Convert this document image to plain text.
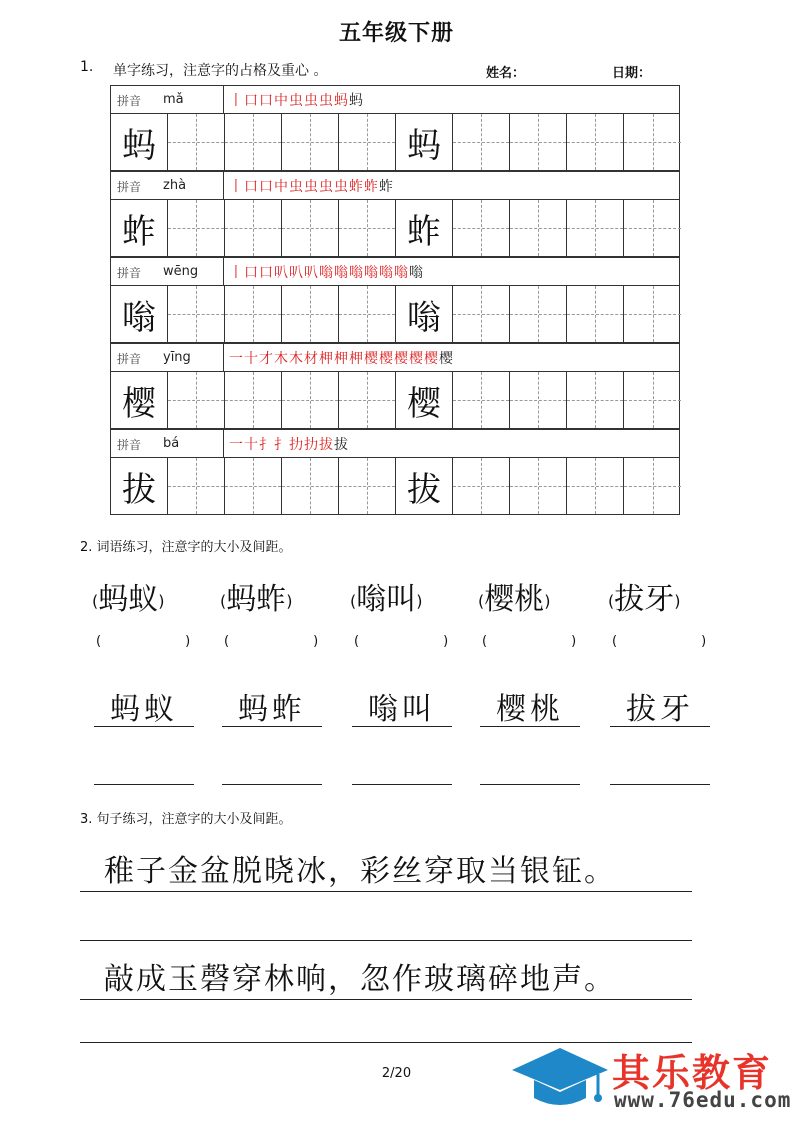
五年级下册
1. 单字练习，注意字的占格及重心 。	姓名：	日期：
拼音 mǎ	丨口口中虫虫虫蚂蚂
蚂	蚂
拼音 zhà	丨口口中虫虫虫虫蚱蚱蚱
蚱	蚱
拼音 wēng 丨口口叭叭叭嗡嗡嗡嗡嗡嗡嗡
嗡	嗡
拼音 yīng	一十才木木材柙柙柙樱樱樱樱樱樱
樱	樱
拼音 bá	一十扌扌扐扐拔拔
拔	拔
2. 词语练习，注意字的大小及间距。
(蚂蚁)	(蚂蚱)	(嗡叫)	(樱桃)	(拔牙)
(	)	(	)	(	)	(	)	(	)
蚂蚁	蚂蚱	嗡叫	樱桃	拔牙
3. 句子练习，注意字的大小及间距。
稚子金盆脱晓冰，彩丝穿取当银钲。
敲成玉磬穿林响，忽作玻璃碎地声。
2/20	其乐教育
www.76edu.com
